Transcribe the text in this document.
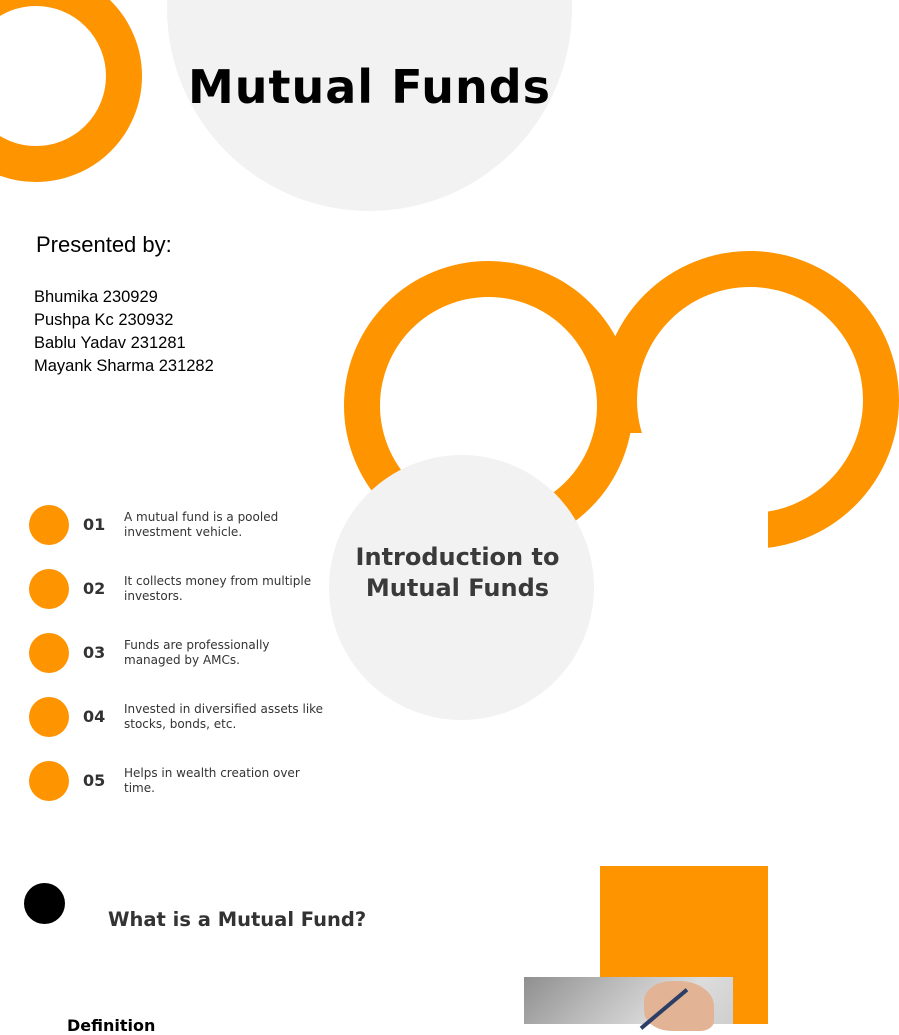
Mutual Funds
Presented by:
Bhumika 230929
Pushpa Kc 230932
Bablu Yadav 231281
Mayank Sharma 231282
Introduction to Mutual Funds
01 A mutual fund is a pooled investment vehicle.
02 It collects money from multiple investors.
03 Funds are professionally managed by AMCs.
04 Invested in diversified assets like stocks, bonds, etc.
05 Helps in wealth creation over time.
What is a Mutual Fund?
Definition
